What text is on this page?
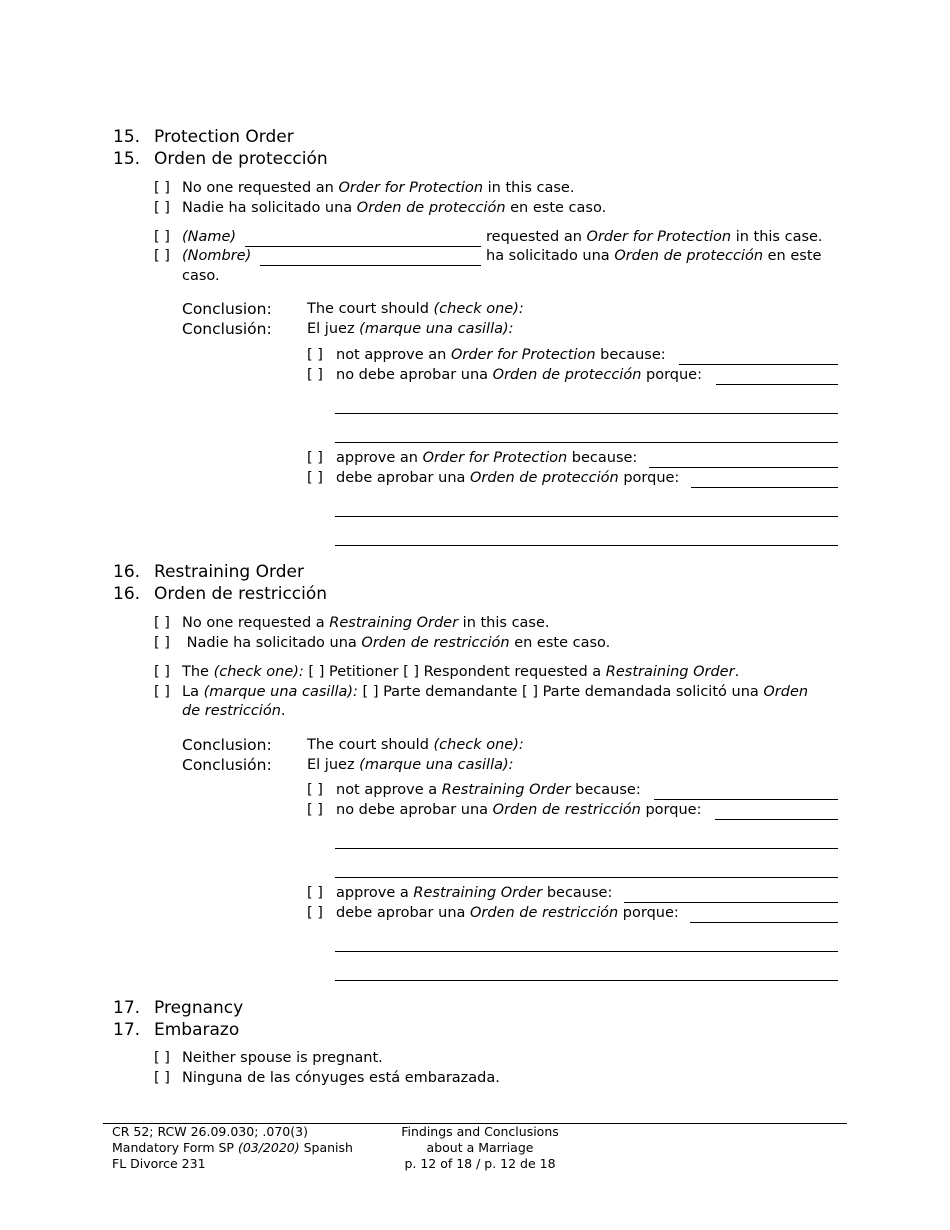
15. Protection Order
15. Orden de protección
[ ] No one requested an Order for Protection in this case.
[ ] Nadie ha solicitado una Orden de protección en este caso.
[ ] (Name)	requested an Order for Protection in this case.
[ ] (Nombre)	ha solicitado una Orden de protección en este
caso.
Conclusion: The court should (check one):
Conclusión: El juez (marque una casilla):
[ ] not approve an Order for Protection because:
[ ] no debe aprobar una Orden de protección porque:
[ ] approve an Order for Protection because:
[ ] debe aprobar una Orden de protección porque:
16. Restraining Order
16. Orden de restricción
[ ] No one requested a Restraining Order in this case.
[ ] Nadie ha solicitado una Orden de restricción en este caso.
[ ] The (check one): [ ] Petitioner [ ] Respondent requested a Restraining Order.
[ ] La (marque una casilla): [ ] Parte demandante [ ] Parte demandada solicitó una Orden
de restricción.
Conclusion: The court should (check one):
Conclusión: El juez (marque una casilla):
[ ] not approve a Restraining Order because:
[ ] no debe aprobar una Orden de restricción porque:
[ ] approve a Restraining Order because:
[ ] debe aprobar una Orden de restricción porque:
17. Pregnancy
17. Embarazo
[ ] Neither spouse is pregnant.
[ ] Ninguna de las cónyuges está embarazada.
CR 52; RCW 26.09.030; .070(3)
Mandatory Form SP (03/2020) Spanish
FL Divorce 231
Findings and Conclusions
about a Marriage
p. 12 of 18 / p. 12 de 18
